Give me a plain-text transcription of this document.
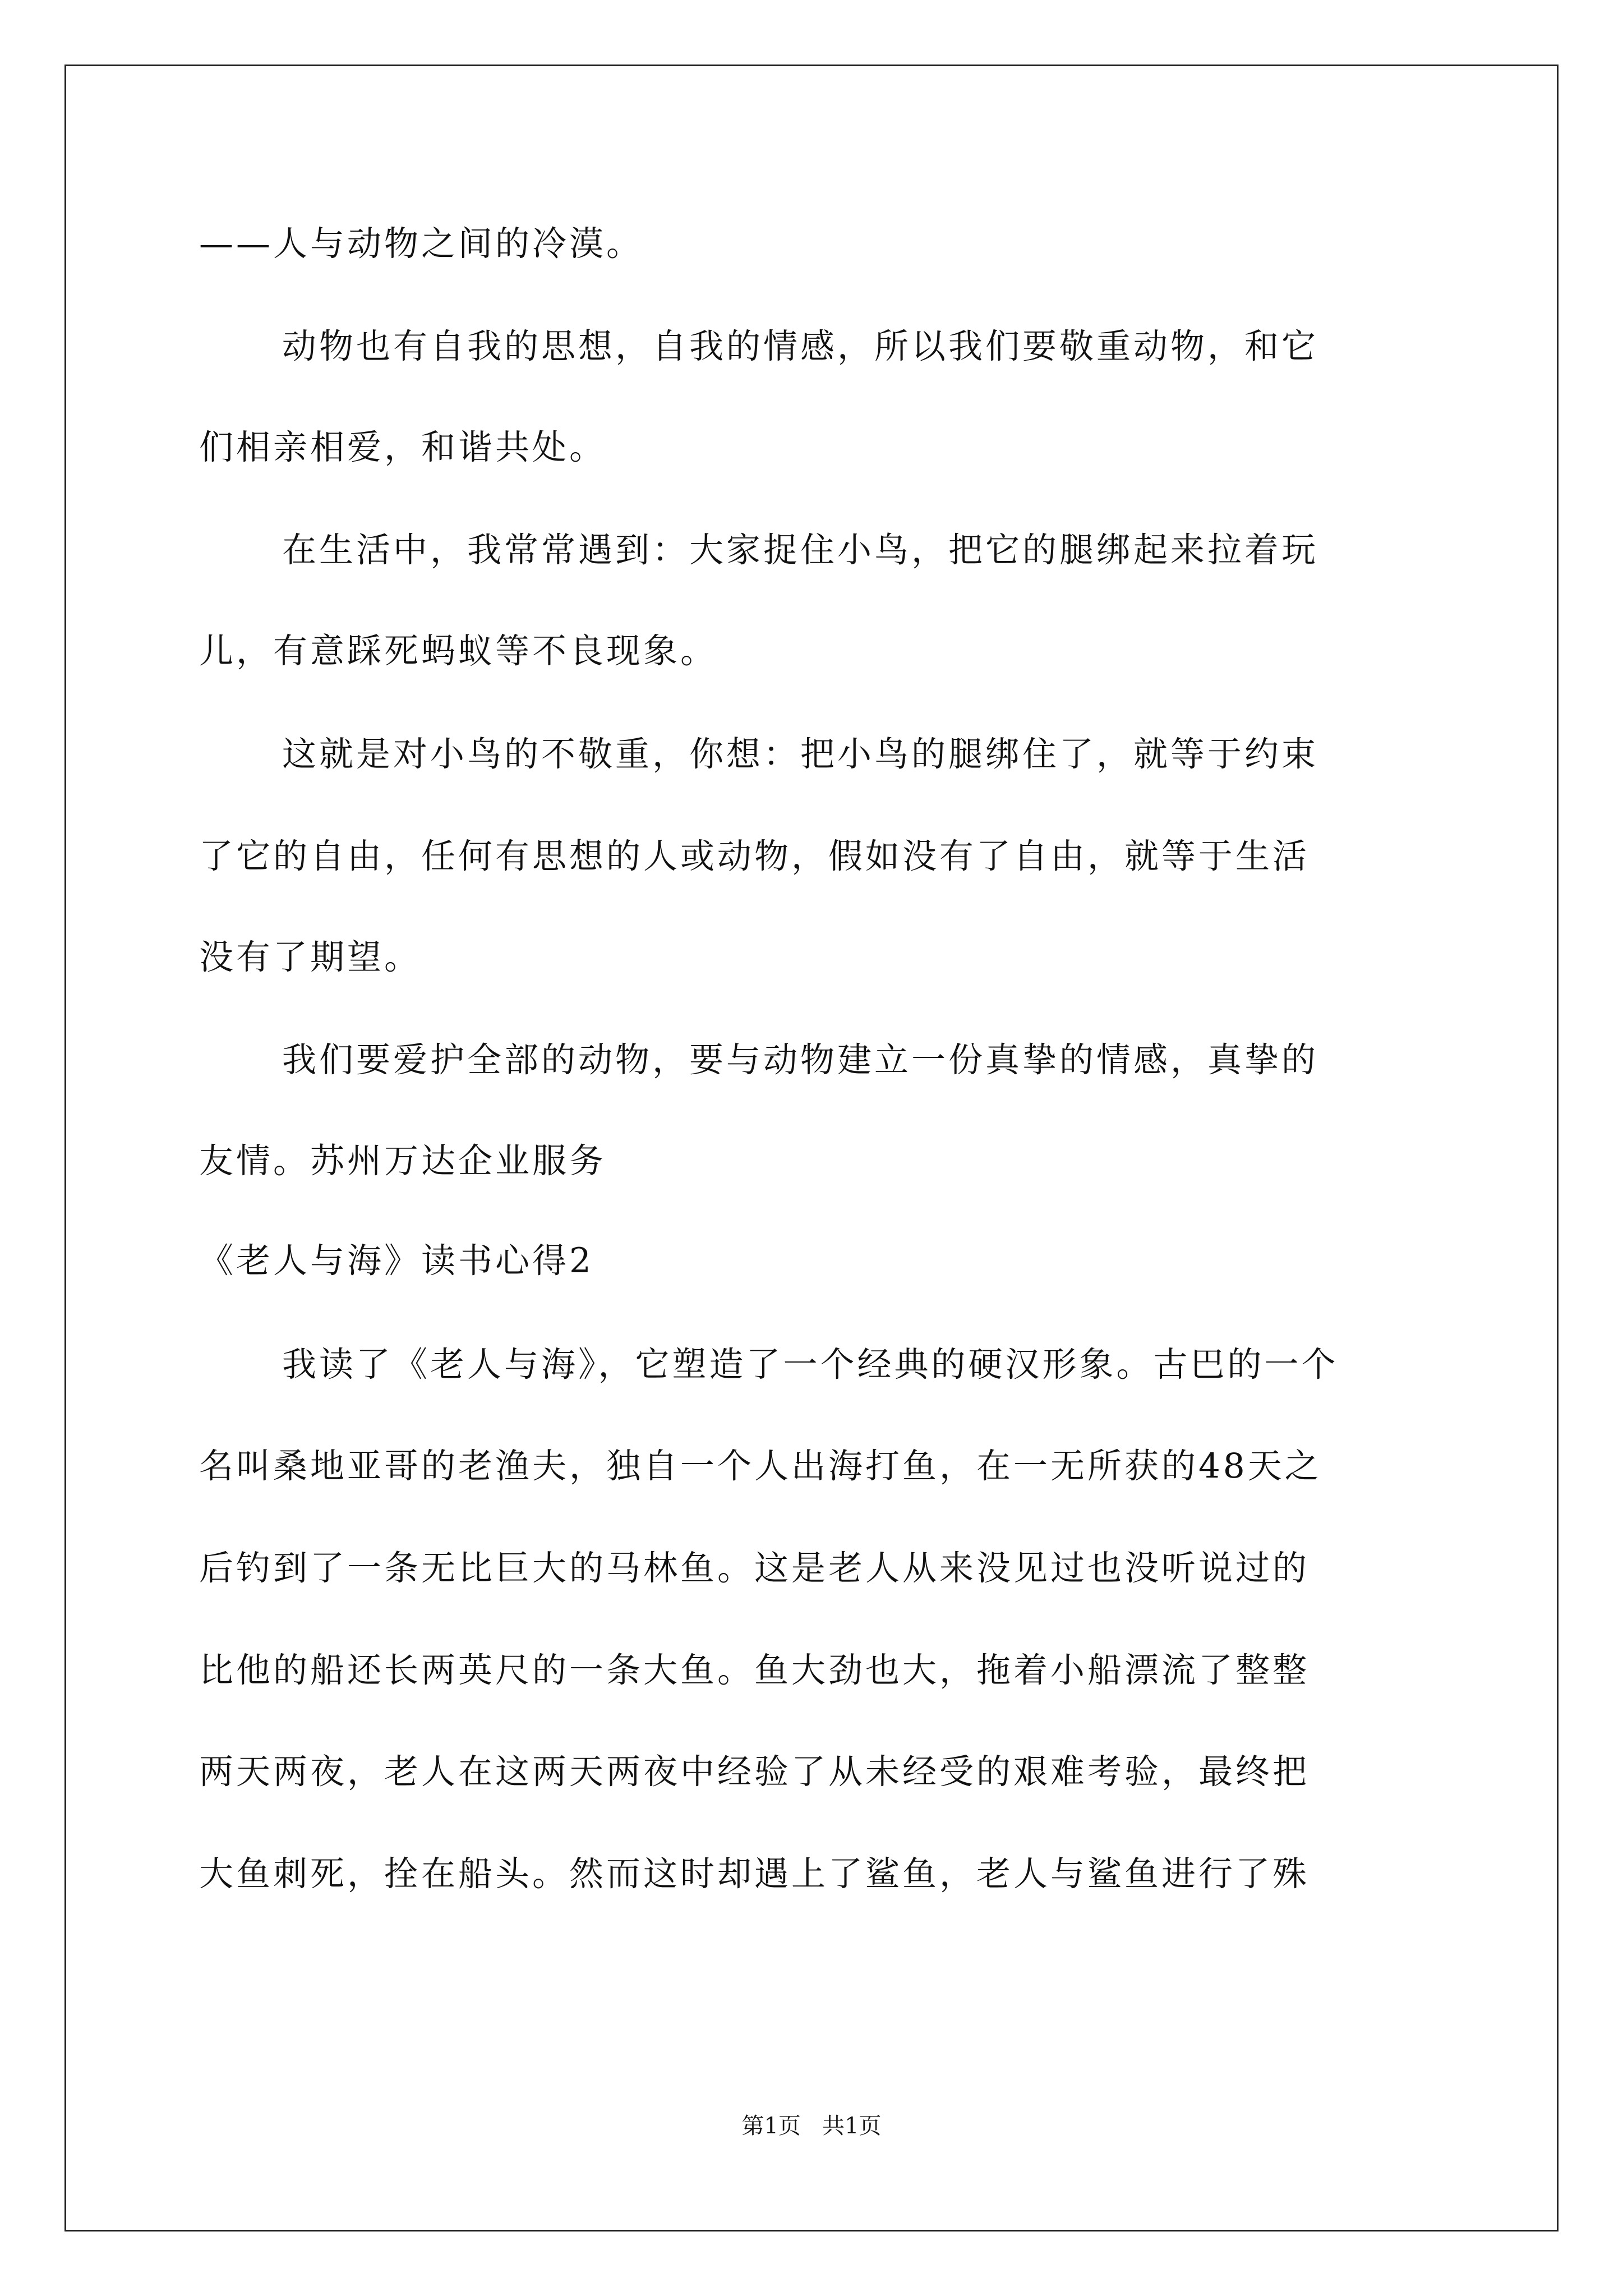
——人与动物之间的冷漠。
动物也有自我的思想，自我的情感，所以我们要敬重动物，和它
们相亲相爱，和谐共处。
在生活中，我常常遇到：大家捉住小鸟，把它的腿绑起来拉着玩
儿，有意踩死蚂蚁等不良现象。
这就是对小鸟的不敬重，你想：把小鸟的腿绑住了，就等于约束
了它的自由，任何有思想的人或动物，假如没有了自由，就等于生活
没有了期望。
我们要爱护全部的动物，要与动物建立一份真挚的情感，真挚的
友情。苏州万达企业服务
《老人与海》读书心得2
我读了《老人与海》，它塑造了一个经典的硬汉形象。古巴的一个
名叫桑地亚哥的老渔夫，独自一个人出海打鱼，在一无所获的48天之
后钓到了一条无比巨大的马林鱼。这是老人从来没见过也没听说过的
比他的船还长两英尺的一条大鱼。鱼大劲也大，拖着小船漂流了整整
两天两夜，老人在这两天两夜中经验了从未经受的艰难考验，最终把
大鱼刺死，拴在船头。然而这时却遇上了鲨鱼，老人与鲨鱼进行了殊
第1页   共1页
